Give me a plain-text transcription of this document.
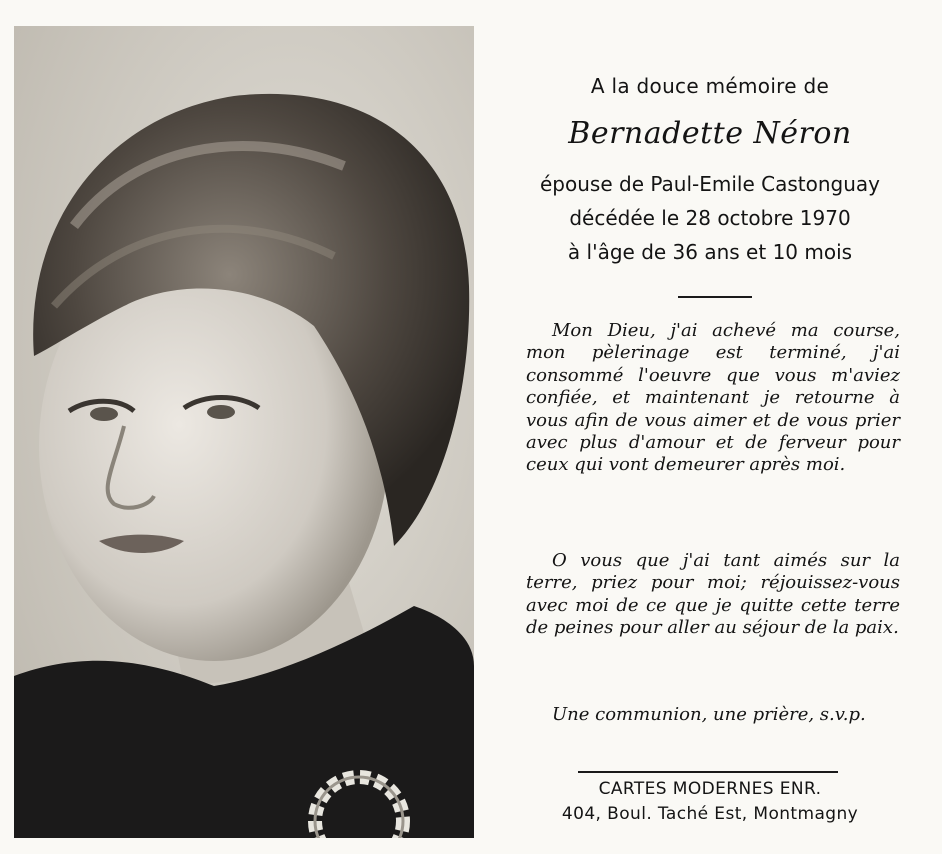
A la douce mémoire de
Bernadette Néron
épouse de Paul-Emile Castonguay
décédée le 28 octobre 1970
à l'âge de 36 ans et 10 mois

Mon Dieu, j'ai achevé ma course, mon pèlerinage est terminé, j'ai consommé l'oeuvre que vous m'aviez confiée, et maintenant je retourne à vous afin de vous aimer et de vous prier avec plus d'amour et de ferveur pour ceux qui vont demeurer après moi.

O vous que j'ai tant aimés sur la terre, priez pour moi; réjouissez-vous avec moi de ce que je quitte cette terre de peines pour aller au séjour de la paix.

Une communion, une prière, s.v.p.

CARTES MODERNES ENR.
404, Boul. Taché Est, Montmagny
